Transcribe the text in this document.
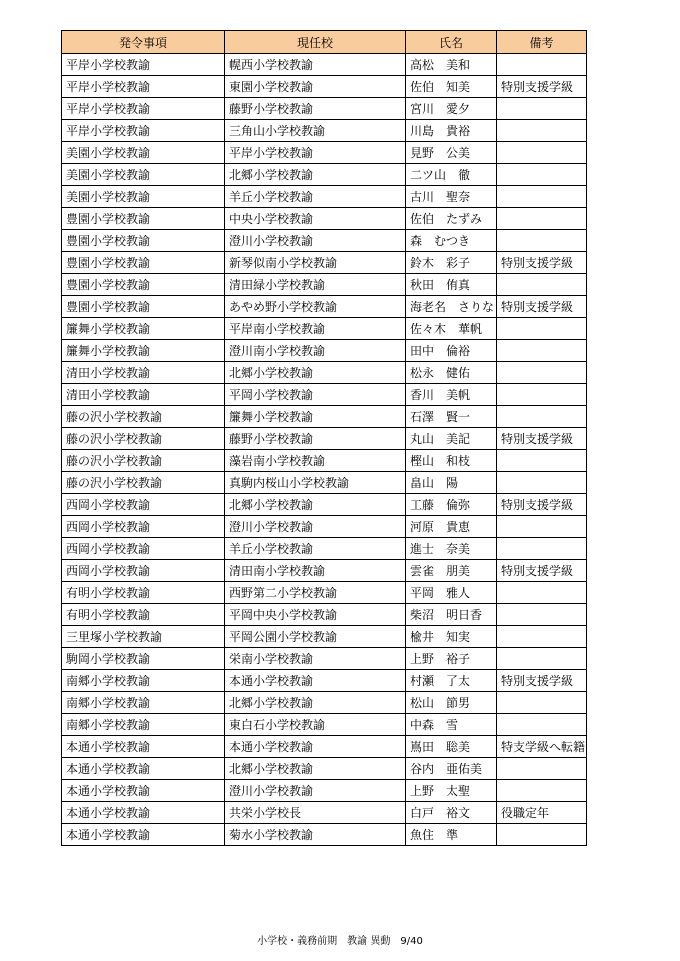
発令事項	現任校	氏名	備考
平岸小学校教諭	幌西小学校教諭	高松　美和	
平岸小学校教諭	東園小学校教諭	佐伯　知美	特別支援学級
平岸小学校教諭	藤野小学校教諭	宮川　愛夕	
平岸小学校教諭	三角山小学校教諭	川島　貴裕	
美園小学校教諭	平岸小学校教諭	見野　公美	
美園小学校教諭	北郷小学校教諭	二ツ山　徹	
美園小学校教諭	羊丘小学校教諭	古川　聖奈	
豊園小学校教諭	中央小学校教諭	佐伯　たずみ	
豊園小学校教諭	澄川小学校教諭	森　むつき	
豊園小学校教諭	新琴似南小学校教諭	鈴木　彩子	特別支援学級
豊園小学校教諭	清田緑小学校教諭	秋田　侑真	
豊園小学校教諭	あやめ野小学校教諭	海老名　さりな	特別支援学級
簾舞小学校教諭	平岸南小学校教諭	佐々木　華帆	
簾舞小学校教諭	澄川南小学校教諭	田中　倫裕	
清田小学校教諭	北郷小学校教諭	松永　健佑	
清田小学校教諭	平岡小学校教諭	香川　美帆	
藤の沢小学校教諭	簾舞小学校教諭	石澤　賢一	
藤の沢小学校教諭	藤野小学校教諭	丸山　美記	特別支援学級
藤の沢小学校教諭	藻岩南小学校教諭	樫山　和枝	
藤の沢小学校教諭	真駒内桜山小学校教諭	畠山　陽	
西岡小学校教諭	北郷小学校教諭	工藤　倫弥	特別支援学級
西岡小学校教諭	澄川小学校教諭	河原　貴恵	
西岡小学校教諭	羊丘小学校教諭	進士　奈美	
西岡小学校教諭	清田南小学校教諭	雲雀　朋美	特別支援学級
有明小学校教諭	西野第二小学校教諭	平岡　雅人	
有明小学校教諭	平岡中央小学校教諭	柴沼　明日香	
三里塚小学校教諭	平岡公園小学校教諭	楡井　知実	
駒岡小学校教諭	栄南小学校教諭	上野　裕子	
南郷小学校教諭	本通小学校教諭	村瀬　了太	特別支援学級
南郷小学校教諭	北郷小学校教諭	松山　節男	
南郷小学校教諭	東白石小学校教諭	中森　雪	
本通小学校教諭	本通小学校教諭	嶌田　聡美	特支学級へ転籍
本通小学校教諭	北郷小学校教諭	谷内　亜佑美	
本通小学校教諭	澄川小学校教諭	上野　太聖	
本通小学校教諭	共栄小学校長	白戸　裕文	役職定年
本通小学校教諭	菊水小学校教諭	魚住　準	
小学校・義務前期　教諭 異動　9/40
